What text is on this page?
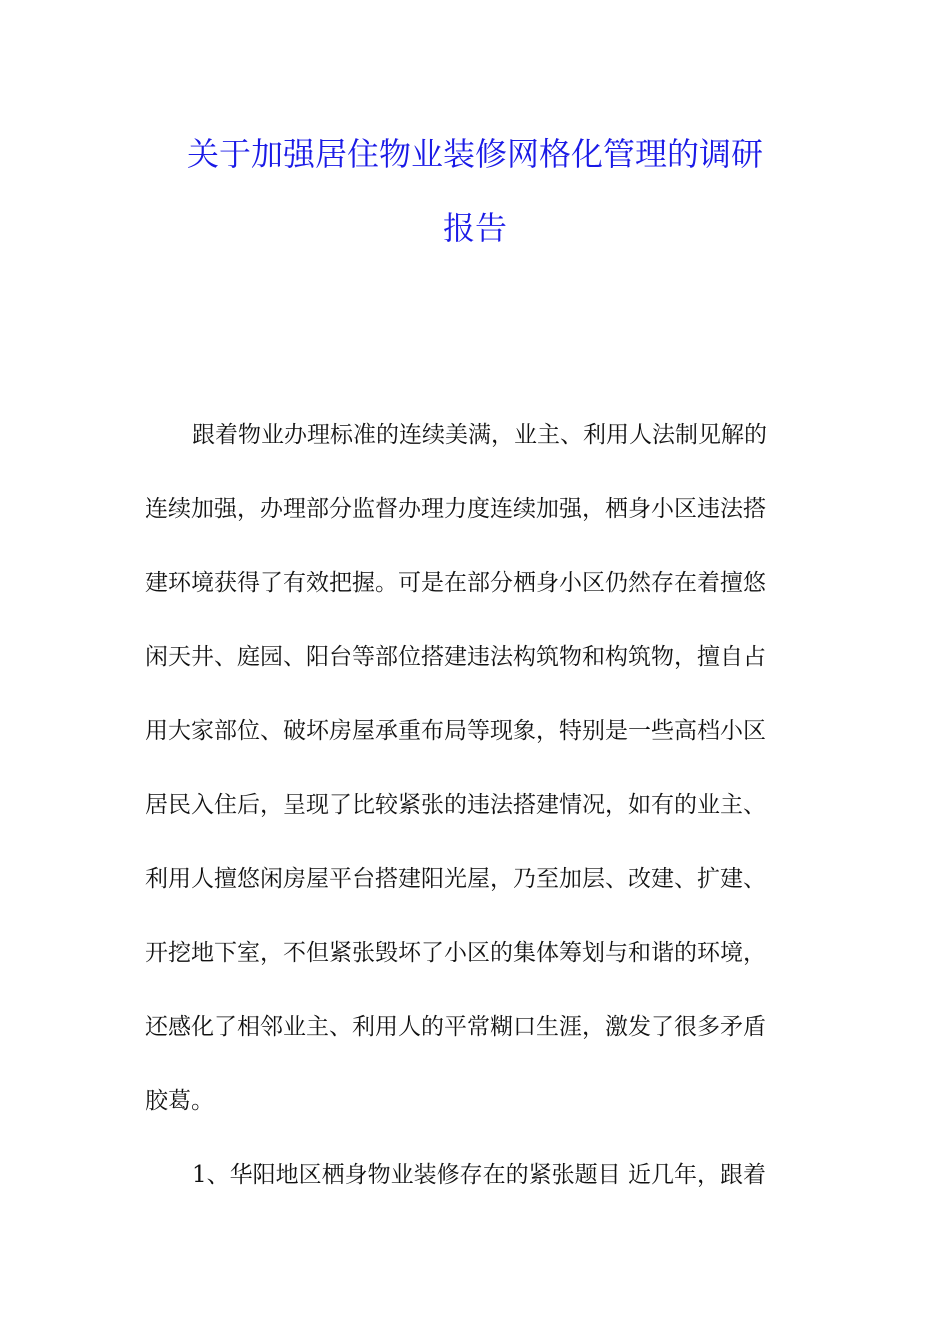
关于加强居住物业装修网格化管理的调研
报告
跟着物业办理标准的连续美满，业主、利用人法制见解的
连续加强，办理部分监督办理力度连续加强，栖身小区违法搭
建环境获得了有效把握。可是在部分栖身小区仍然存在着擅悠
闲天井、庭园、阳台等部位搭建违法构筑物和构筑物，擅自占
用大家部位、破坏房屋承重布局等现象，特别是一些高档小区
居民入住后，呈现了比较紧张的违法搭建情况，如有的业主、
利用人擅悠闲房屋平台搭建阳光屋，乃至加层、改建、扩建、
开挖地下室，不但紧张毁坏了小区的集体筹划与和谐的环境，
还感化了相邻业主、利用人的平常糊口生涯，激发了很多矛盾
胶葛。
1、华阳地区栖身物业装修存在的紧张题目 近几年，跟着
